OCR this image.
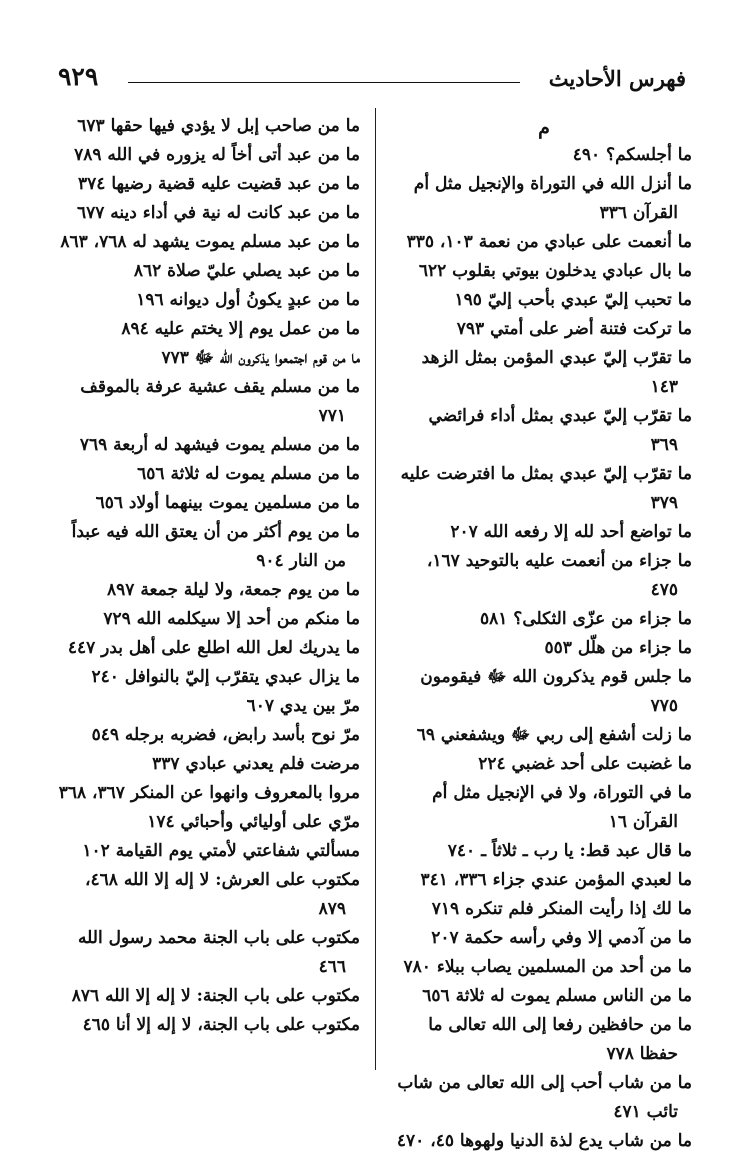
فهرس الأحاديث
٩٢٩
م
ما أجلسكم؟ ٤٩٠
ما أنزل الله في التوراة والإنجيل مثل أم القرآن ٣٣٦
ما أنعمت على عبادي من نعمة ١٠٣، ٣٣٥
ما بال عبادي يدخلون بيوتي بقلوب ٦٢٢
ما تحبب إليّ عبدي بأحب إليّ ١٩٥
ما تركت فتنة أضر على أمتي ٧٩٣
ما تقرّب إليّ عبدي المؤمن بمثل الزهد ١٤٣
ما تقرّب إليّ عبدي بمثل أداء فرائضي ٣٦٩
ما تقرّب إليّ عبدي بمثل ما افترضت عليه ٣٧٩
ما تواضع أحد لله إلا رفعه الله ٢٠٧
ما جزاء من أنعمت عليه بالتوحيد ١٦٧، ٤٧٥
ما جزاء من عزّى الثكلى؟ ٥٨١
ما جزاء من هلّل ٥٥٣
ما جلس قوم يذكرون الله ﷻ فيقومون ٧٧٥
ما زلت أشفع إلى ربي ﷻ ويشفعني ٦٩
ما غضبت على أحد غضبي ٢٢٤
ما في التوراة، ولا في الإنجيل مثل أم القرآن ١٦
ما قال عبد قط: يا رب ـ ثلاثاً ـ ٧٤٠
ما لعبدي المؤمن عندي جزاء ٣٣٦، ٣٤١
ما لك إذا رأيت المنكر فلم تنكره ٧١٩
ما من آدمي إلا وفي رأسه حكمة ٢٠٧
ما من أحد من المسلمين يصاب ببلاء ٧٨٠
ما من الناس مسلم يموت له ثلاثة ٦٥٦
ما من حافظين رفعا إلى الله تعالى ما حفظا ٧٧٨
ما من شاب أحب إلى الله تعالى من شاب تائب ٤٧١
ما من شاب يدع لذة الدنيا ولهوها ٤٥، ٤٧٠
ما من صاحب إبل لا يؤدي فيها حقها ٦٧٣
ما من عبد أتى أخاً له يزوره في الله ٧٨٩
ما من عبد قضيت عليه قضية رضيها ٣٧٤
ما من عبد كانت له نية في أداء دينه ٦٧٧
ما من عبد مسلم يموت يشهد له ٧٦٨، ٨٦٣
ما من عبد يصلي عليّ صلاة ٨٦٢
ما من عبدٍ يكونُ أول ديوانه ١٩٦
ما من عمل يوم إلا يختم عليه ٨٩٤
ما من قوم اجتمعوا يذكرون الله ﷻ ٧٧٣
ما من مسلم يقف عشية عرفة بالموقف ٧٧١
ما من مسلم يموت فيشهد له أربعة ٧٦٩
ما من مسلم يموت له ثلاثة ٦٥٦
ما من مسلمين يموت بينهما أولاد ٦٥٦
ما من يوم أكثر من أن يعتق الله فيه عبداً من النار ٩٠٤
ما من يوم جمعة، ولا ليلة جمعة ٨٩٧
ما منكم من أحد إلا سيكلمه الله ٧٢٩
ما يدريك لعل الله اطلع على أهل بدر ٤٤٧
ما يزال عبدي يتقرّب إليّ بالنوافل ٢٤٠
مرّ بين يدي ٦٠٧
مرّ نوح بأسد رابض، فضربه برجله ٥٤٩
مرضت فلم يعدني عبادي ٣٣٧
مروا بالمعروف وانهوا عن المنكر ٣٦٧، ٣٦٨
مرّي على أوليائي وأحبائي ١٧٤
مسألتي شفاعتي لأمتي يوم القيامة ١٠٢
مكتوب على العرش: لا إله إلا الله ٤٦٨، ٨٧٩
مكتوب على باب الجنة محمد رسول الله ٤٦٦
مكتوب على باب الجنة: لا إله إلا الله ٨٧٦
مكتوب على باب الجنة، لا إله إلا أنا ٤٦٥
